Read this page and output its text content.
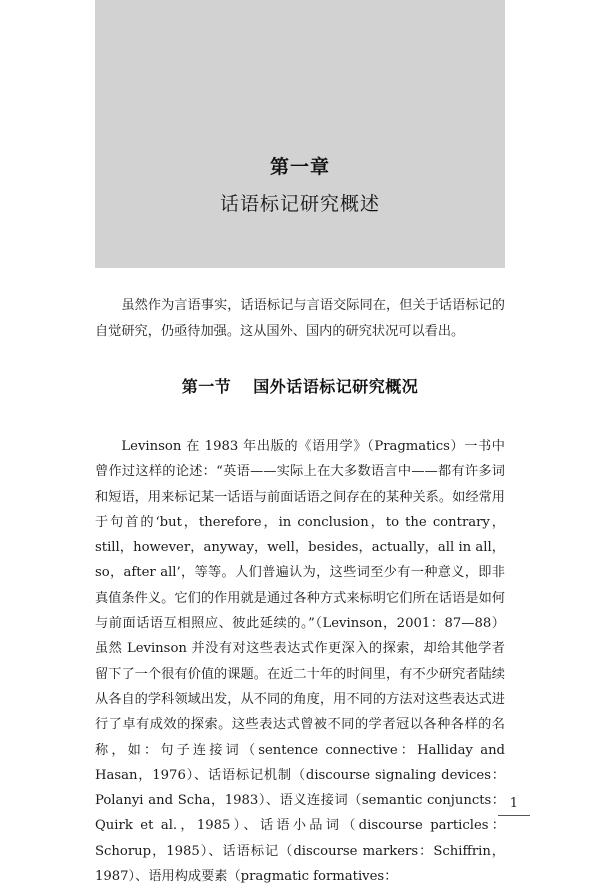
第一章
话语标记研究概述

虽然作为言语事实，话语标记与言语交际同在，但关于话语标记的自觉研究，仍亟待加强。这从国外、国内的研究状况可以看出。

第一节 国外话语标记研究概况

Levinson 在 1983 年出版的《语用学》（Pragmatics）一书中曾作过这样的论述：“英语——实际上在大多数语言中——都有许多词和短语，用来标记某一话语与前面话语之间存在的某种关系。如经常用于句首的‘but，therefore，in conclusion，to the contrary，still，however，anyway，well，besides，actually，all in all，so，after all’，等等。人们普遍认为，这些词至少有一种意义，即非真值条件义。它们的作用就是通过各种方式来标明它们所在话语是如何与前面话语互相照应、彼此延续的。”（Levinson，2001：87—88）虽然 Levinson 并没有对这些表达式作更深入的探索，却给其他学者留下了一个很有价值的课题。在近二十年的时间里，有不少研究者陆续从各自的学科领域出发，从不同的角度，用不同的方法对这些表达式进行了卓有成效的探索。这些表达式曾被不同的学者冠以各种各样的名称，如：句子连接词（sentence connective：Halliday and Hasan，1976）、话语标记机制（discourse signaling devices：Polanyi and Scha，1983）、语义连接词（semantic conjuncts：Quirk et al.，1985）、话语小品词（discourse particles：Schorup，1985）、话语标记（discourse markers：Schiffrin，1987）、语用构成要素（pragmatic formatives：

1
